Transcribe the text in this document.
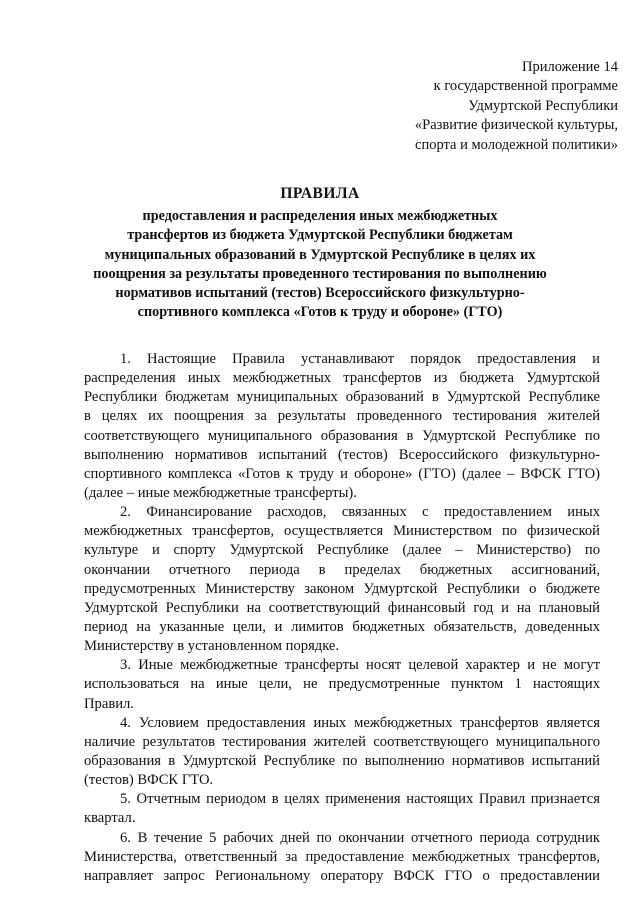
Приложение 14
к государственной программе
Удмуртской Республики
«Развитие физической культуры,
спорта и молодежной политики»
ПРАВИЛА
предоставления и распределения иных межбюджетных
трансфертов из бюджета Удмуртской Республики бюджетам
муниципальных образований в Удмуртской Республике в целях их
поощрения за результаты проведенного тестирования по выполнению
нормативов испытаний (тестов) Всероссийского физкультурно-
спортивного комплекса «Готов к труду и обороне» (ГТО)
1. Настоящие Правила устанавливают порядок предоставления и
распределения иных межбюджетных трансфертов из бюджета Удмуртской
Республики бюджетам муниципальных образований в Удмуртской Республике
в целях их поощрения за результаты проведенного тестирования жителей
соответствующего муниципального образования в Удмуртской Республике по
выполнению нормативов испытаний (тестов) Всероссийского физкультурно-
спортивного комплекса «Готов к труду и обороне» (ГТО) (далее – ВФСК ГТО)
(далее – иные межбюджетные трансферты).
2. Финансирование расходов, связанных с предоставлением иных
межбюджетных трансфертов, осуществляется Министерством по физической
культуре и спорту Удмуртской Республике (далее – Министерство) по
окончании отчетного периода в пределах бюджетных ассигнований,
предусмотренных Министерству законом Удмуртской Республики о бюджете
Удмуртской Республики на соответствующий финансовый год и на плановый
период на указанные цели, и лимитов бюджетных обязательств, доведенных
Министерству в установленном порядке.
3. Иные межбюджетные трансферты носят целевой характер и не могут
использоваться на иные цели, не предусмотренные пунктом 1 настоящих
Правил.
4. Условием предоставления иных межбюджетных трансфертов является
наличие результатов тестирования жителей соответствующего муниципального
образования в Удмуртской Республике по выполнению нормативов испытаний
(тестов) ВФСК ГТО.
5. Отчетным периодом в целях применения настоящих Правил признается
квартал.
6. В течение 5 рабочих дней по окончании отчетного периода сотрудник
Министерства, ответственный за предоставление межбюджетных трансфертов,
направляет запрос Региональному оператору ВФСК ГТО о предоставлении
